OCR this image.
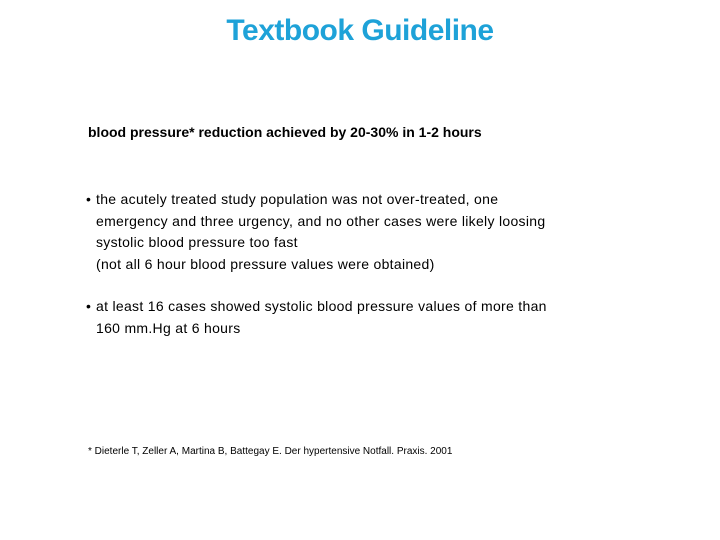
Textbook Guideline
blood pressure* reduction achieved by 20-30% in 1-2 hours
• the acutely treated study population was not over-treated, one
emergency and three urgency, and no other cases were likely loosing
systolic blood pressure too fast
(not all 6 hour blood pressure values were obtained)
• at least 16 cases showed systolic blood pressure values of more than
160 mm.Hg at 6 hours
* Dieterle T, Zeller A, Martina B, Battegay E. Der hypertensive Notfall. Praxis. 2001
